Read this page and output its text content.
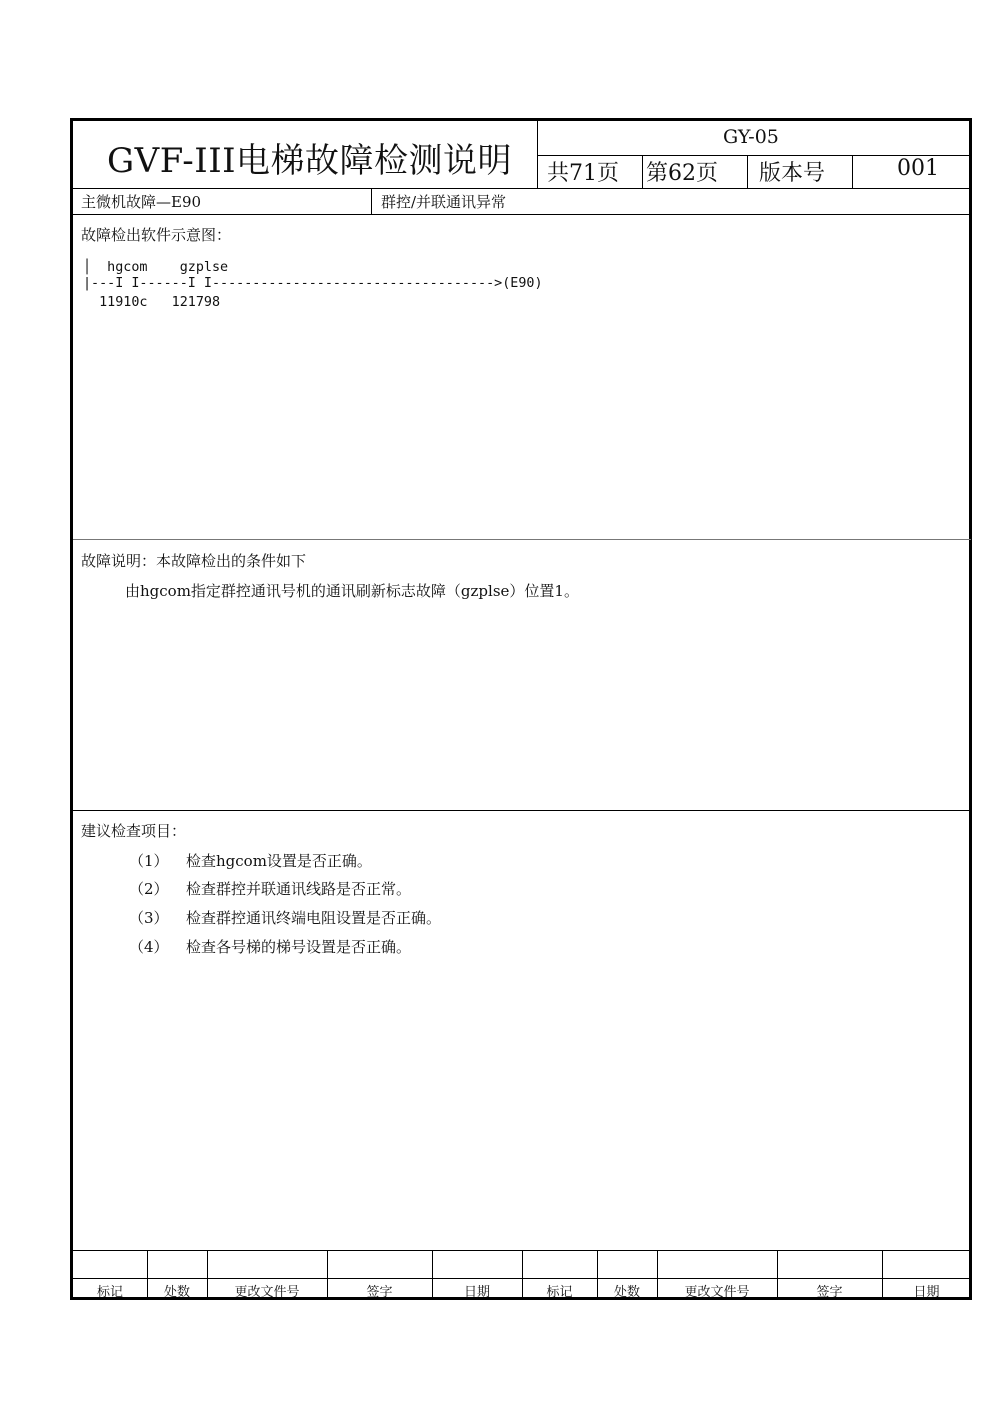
GVF-III电梯故障检测说明
GY-05
共71页 第62页 版本号	001
主微机故障—E90	群控/并联通讯异常
故障检出软件示意图：
│  hgcom    gzplse
|---I I------I I----------------------------------->(E90)
11910c   121798
故障说明：本故障检出的条件如下
由hgcom指定群控通讯号机的通讯刷新标志故障（gzplse）位置1。
建议检查项目：
（1） 检查hgcom设置是否正确。
（2） 检查群控并联通讯线路是否正常。
（3） 检查群控通讯终端电阻设置是否正确。
（4） 检查各号梯的梯号设置是否正确。
标记	处数	更改文件号	签字	日期	标记	处数	更改文件号	签字	日期
